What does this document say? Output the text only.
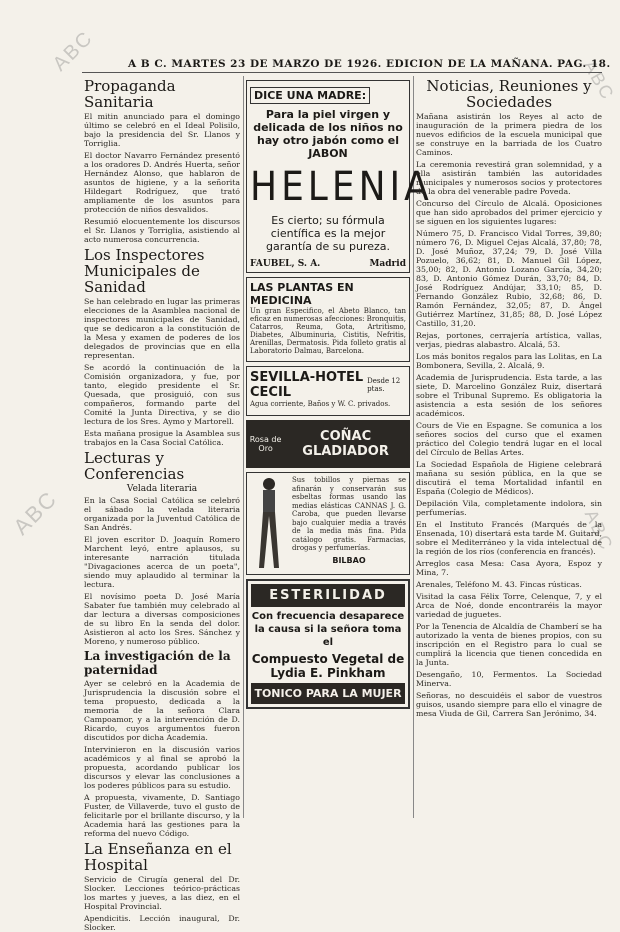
ABC
ABC
ABC
ABC
A B C. MARTES 23 DE MARZO DE 1926. EDICION DE LA MAÑANA. PAG. 18.
Propaganda Sanitaria

El mitin anunciado para el domingo último se celebró en el Ideal Polisilo, bajo la presidencia del Sr. Llanos y Torriglia.

El doctor Navarro Fernández presentó a los oradores D. Andrés Huerta, señor Hernández Alonso, que hablaron de asuntos de higiene, y a la señorita Hildegart Rodríguez, que trató ampliamente de los asuntos para protección de niños desvalidos.

Resumió elocuentemente los discursos el Sr. Llanos y Torriglia, asistiendo al acto numerosa concurrencia.

Los Inspectores Municipales de Sanidad

Se han celebrado en lugar las primeras elecciones de la Asamblea nacional de inspectores municipales de Sanidad, que se dedicaron a la constitución de la Mesa y examen de poderes de los delegados de provincias que en ella representan.

Se acordó la continuación de la Comisión organizadora, y fue, por tanto, elegido presidente el Sr. Quesada, que prosiguió, con sus compañeros, formando parte del Comité la Junta Directiva, y se dio lectura de los Sres. Aymo y Martorell.

Esta mañana prosigue la Asamblea sus trabajos en la Casa Social Católica.

Lecturas y Conferencias
Velada literaria

En la Casa Social Católica se celebró el sábado la velada literaria organizada por la Juventud Católica de San Andrés.

El joven escritor D. Joaquín Romero Marchent leyó, entre aplausos, su interesante narración titulada "Divagaciones acerca de un poeta", siendo muy aplaudido al terminar la lectura.

El novísimo poeta D. José María Sabater fue también muy celebrado al dar lectura a diversas composiciones de su libro En la senda del dolor. Asistieron al acto los Sres. Sánchez y Moreno, y numeroso público.

La investigación de la paternidad

Ayer se celebró en la Academia de Jurisprudencia la discusión sobre el tema propuesto, dedicada a la memoria de la señora Clara Campoamor, y a la intervención de D. Ricardo, cuyos argumentos fueron discutidos por dicha Academia.

Intervinieron en la discusión varios académicos y al final se aprobó la propuesta, acordando publicar los discursos y elevar las conclusiones a los poderes públicos para su estudio.

A propuesta, vivamente, D. Santiago Fuster, de Villaverde, tuvo el gusto de felicitarle por el brillante discurso, y la Academia hará las gestiones para la reforma del nuevo Código.

La Enseñanza en el Hospital

Servicio de Cirugía general del Dr. Slocker. Lecciones teórico-prácticas los martes y jueves, a las diez, en el Hospital Provincial.

Apendicitis. Lección inaugural, Dr. Slocker.

DICE UNA MADRE:
Para la piel virgen y delicada de los niños no hay otro jabón como el JABON
HELENIA
Es cierto; su fórmula científica es la mejor garantía de su pureza.
FAUBEL, S. A.	Madrid
LAS PLANTAS EN MEDICINA

Un gran Especifico, el Abeto Blanco, tan eficaz en numerosas afecciones: Bronquitis, Catarros, Reuma, Gota, Artritismo, Diabetes, Albuminuria, Cistitis, Nefritis, Arenillas, Dermatosis. Pida folleto gratis al Laboratorio Dalmau, Barcelona.

SEVILLA-HOTEL CECIL
Desde 12 ptas.

Agua corriente, Baños y W. C. privados.

Rosa de Oro
COÑAC GLADIADOR

Sus tobillos y piernas se afinarán y conservarán sus esbeltas formas usando las medias elásticas CANNAS J. G. Caroba, que pueden llevarse bajo cualquier media a través de la media más fina. Pida catálogo gratis. Farmacias, drogas y perfumerías.

BILBAO
ESTERILIDAD
Con frecuencia desaparece la causa si la señora toma el
Compuesto Vegetal de Lydia E. Pinkham
TONICO PARA LA MUJER
Noticias, Reuniones y Sociedades

Mañana asistirán los Reyes al acto de inauguración de la primera piedra de los nuevos edificios de la escuela municipal que se construye en la barriada de los Cuatro Caminos.

La ceremonia revestirá gran solemnidad, y a ella asistirán también las autoridades municipales y numerosos socios y protectores de la obra del venerable padre Poveda.

Concurso del Círculo de Alcalá. Oposiciones que han sido aprobados del primer ejercicio y se siguen en los siguientes lugares:

Número 75, D. Francisco Vidal Torres, 39,80; número 76, D. Miguel Cejas Alcalá, 37,80; 78, D. José Muñoz, 37,24; 79, D. José Villa Pozuelo, 36,62; 81, D. Manuel Gil López, 35,00; 82, D. Antonio Lozano García, 34,20; 83, D. Antonio Gómez Durán, 33,70; 84, D. José Rodríguez Andújar, 33,10; 85, D. Fernando González Rubio, 32,68; 86, D. Ramón Fernández, 32,05; 87, D. Ángel Gutiérrez Martínez, 31,85; 88, D. José López Castillo, 31,20.

Rejas, portones, cerrajería artística, vallas, verjas, piedras alabastro. Alcalá, 53.

Los más bonitos regalos para las Lolitas, en La Bombonera, Sevilla, 2. Alcalá, 9.

Academia de Jurisprudencia. Esta tarde, a las siete, D. Marcelino González Ruiz, disertará sobre el Tribunal Supremo. Es obligatoria la asistencia a esta sesión de los señores académicos.

Cours de Vie en Espagne. Se comunica a los señores socios del curso que el examen práctico del Colegio tendrá lugar en el local del Círculo de Bellas Artes.

La Sociedad Española de Higiene celebrará mañana su sesión pública, en la que se discutirá el tema Mortalidad infantil en España (Colegio de Médicos).

Depilación Vila, completamente indolora, sin perfumerías.

En el Instituto Francés (Marqués de la Ensenada, 10) disertará esta tarde M. Guitard, sobre el Mediterráneo y la vida intelectual de la región de los ríos (conferencia en francés).

Arreglos casa Mesa: Casa Ayora, Espoz y Mina, 7.

Arenales, Teléfono M. 43. Fincas rústicas.

Visitad la casa Félix Torre, Celenque, 7, y el Arca de Noé, donde encontraréis la mayor variedad de juguetes.

Por la Tenencia de Alcaldía de Chamberí se ha autorizado la venta de bienes propios, con su inscripción en el Registro para lo cual se cumplirá la licencia que tienen concedida en la Junta.

Desengaño, 10, Fermentos. La Sociedad Minerva.

Señoras, no descuidéis el sabor de vuestros guisos, usando siempre para ello el vinagre de mesa Viuda de Gil, Carrera San Jerónimo, 34.
